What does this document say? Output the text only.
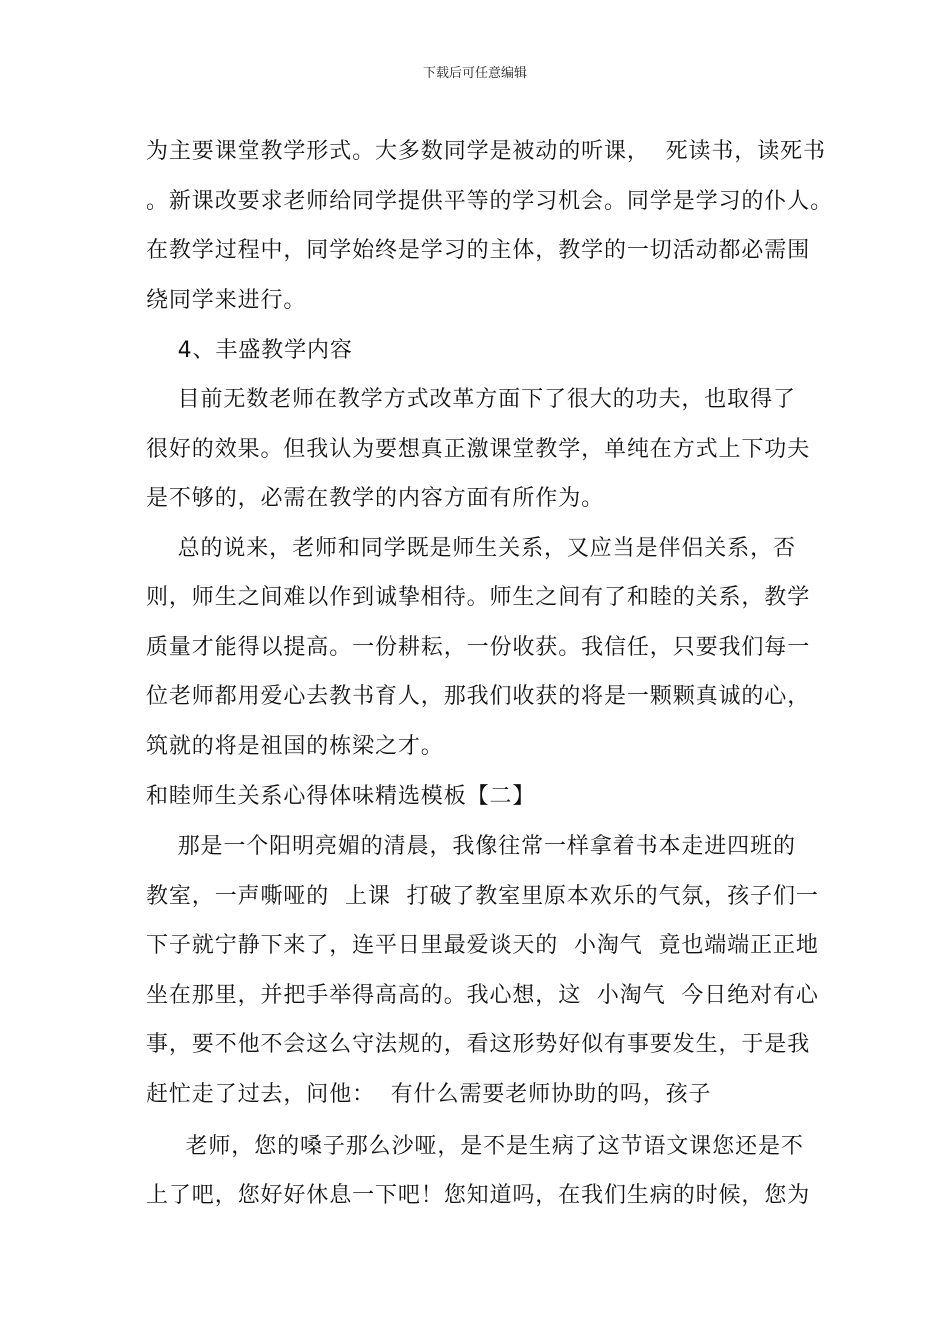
下载后可任意编辑
为主要课堂教学形式。大多数同学是被动的听课，  死读书，读死书
。新课改要求老师给同学提供平等的学习机会。同学是学习的仆人。
在教学过程中，同学始终是学习的主体，教学的一切活动都必需围
绕同学来进行。
4、丰盛教学内容
目前无数老师在教学方式改革方面下了很大的功夫，也取得了
很好的效果。但我认为要想真正激课堂教学，单纯在方式上下功夫
是不够的，必需在教学的内容方面有所作为。
总的说来，老师和同学既是师生关系，又应当是伴侣关系，否
则，师生之间难以作到诚挚相待。师生之间有了和睦的关系，教学
质量才能得以提高。一份耕耘，一份收获。我信任，只要我们每一
位老师都用爱心去教书育人，那我们收获的将是一颗颗真诚的心，
筑就的将是祖国的栋梁之才。
和睦师生关系心得体味精选模板【二】
那是一个阳明亮媚的清晨，我像往常一样拿着书本走进四班的
教室，一声嘶哑的  上课  打破了教室里原本欢乐的气氛，孩子们一
下子就宁静下来了，连平日里最爱谈天的  小淘气  竟也端端正正地
坐在那里，并把手举得高高的。我心想，这  小淘气  今日绝对有心
事，要不他不会这么守法规的，看这形势好似有事要发生，于是我
赶忙走了过去，问他：  有什么需要老师协助的吗，孩子
老师，您的嗓子那么沙哑，是不是生病了这节语文课您还是不
上了吧，您好好休息一下吧！您知道吗，在我们生病的时候，您为
